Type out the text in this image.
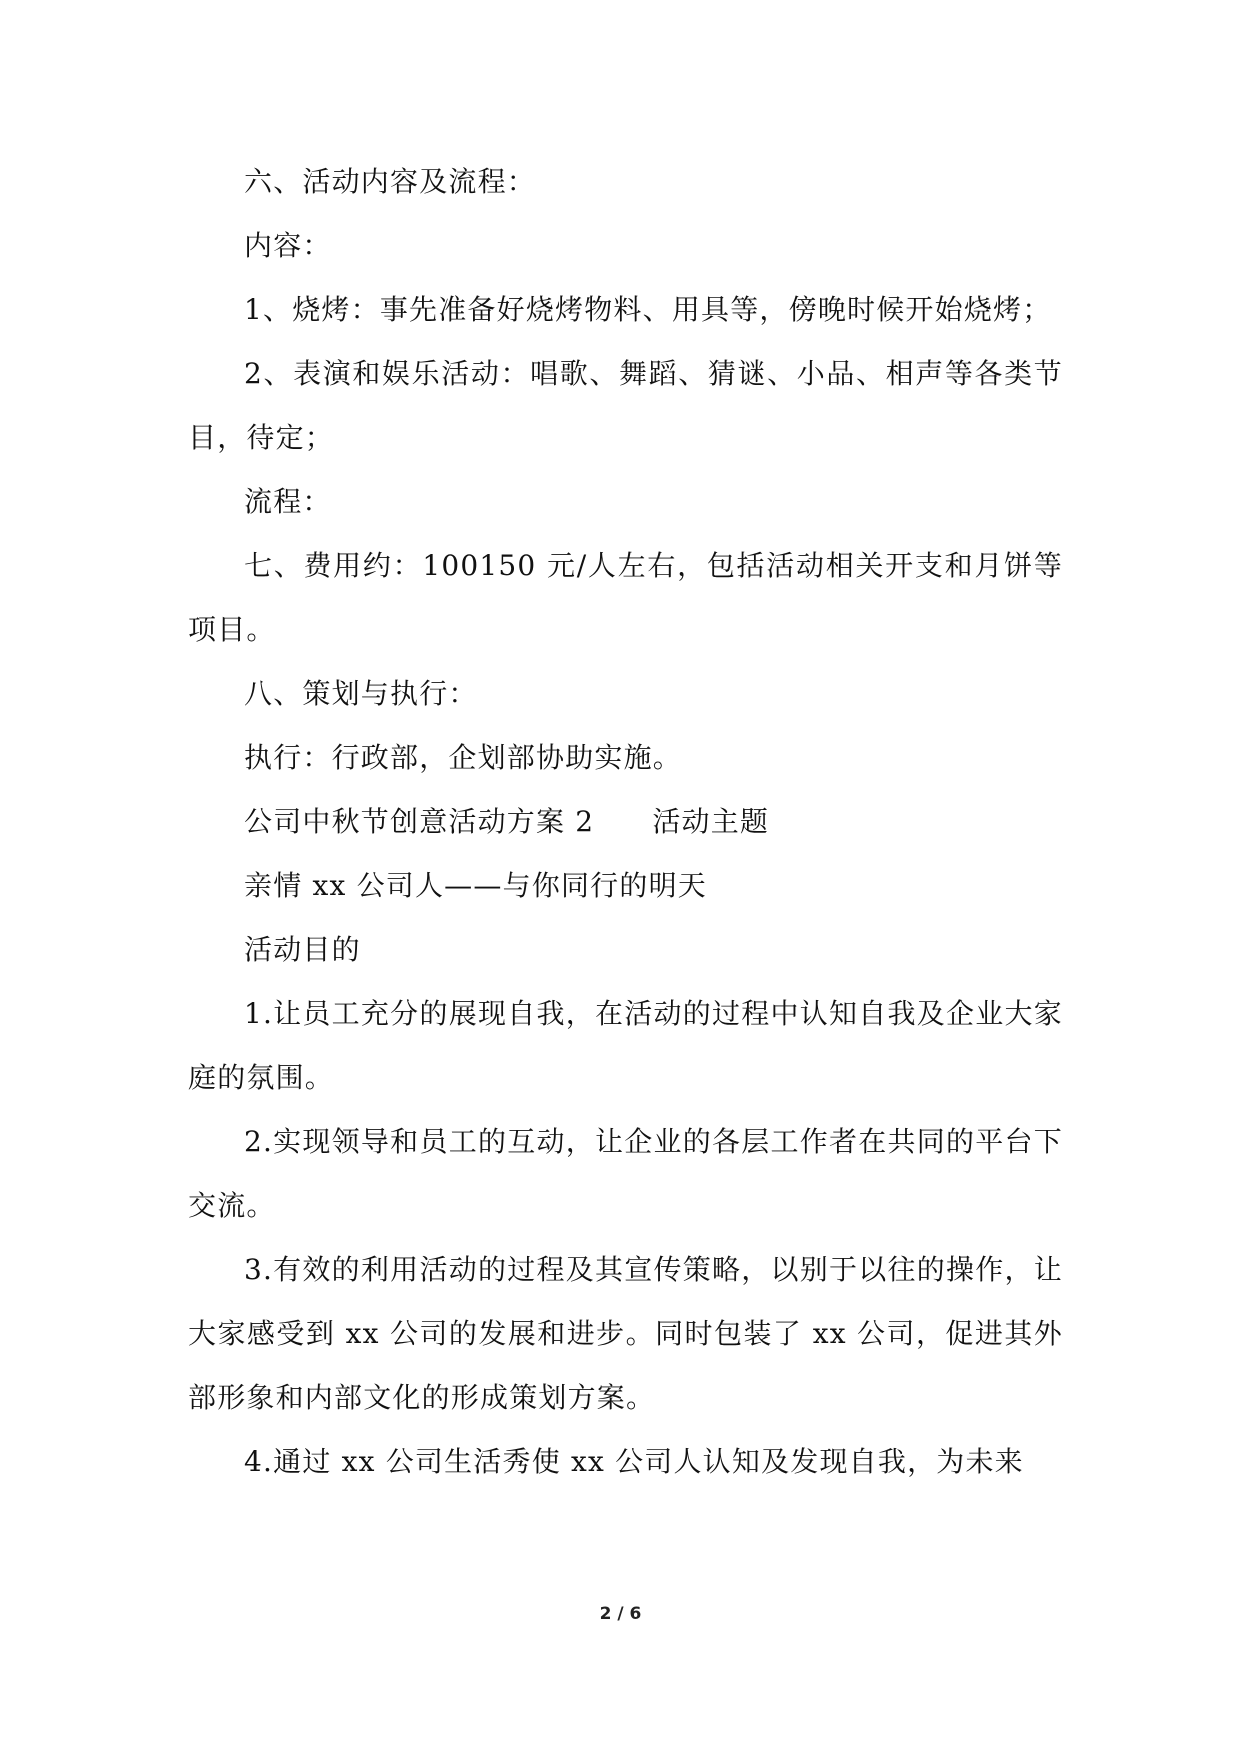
六、活动内容及流程：

内容：

1、烧烤：事先准备好烧烤物料、用具等，傍晚时候开始烧烤；

2、表演和娱乐活动：唱歌、舞蹈、猜谜、小品、相声等各类节目，待定；

流程：

七、费用约：100150 元/人左右，包括活动相关开支和月饼等项目。

八、策划与执行：

执行：行政部，企划部协助实施。

公司中秋节创意活动方案 2 活动主题

亲情 xx 公司人——与你同行的明天

活动目的

1.让员工充分的展现自我，在活动的过程中认知自我及企业大家庭的氛围。

2.实现领导和员工的互动，让企业的各层工作者在共同的平台下交流。

3.有效的利用活动的过程及其宣传策略，以别于以往的操作，让大家感受到 xx 公司的发展和进步。同时包装了 xx 公司，促进其外部形象和内部文化的形成策划方案。

4.通过 xx 公司生活秀使 xx 公司人认知及发现自我，为未来

2 / 6
